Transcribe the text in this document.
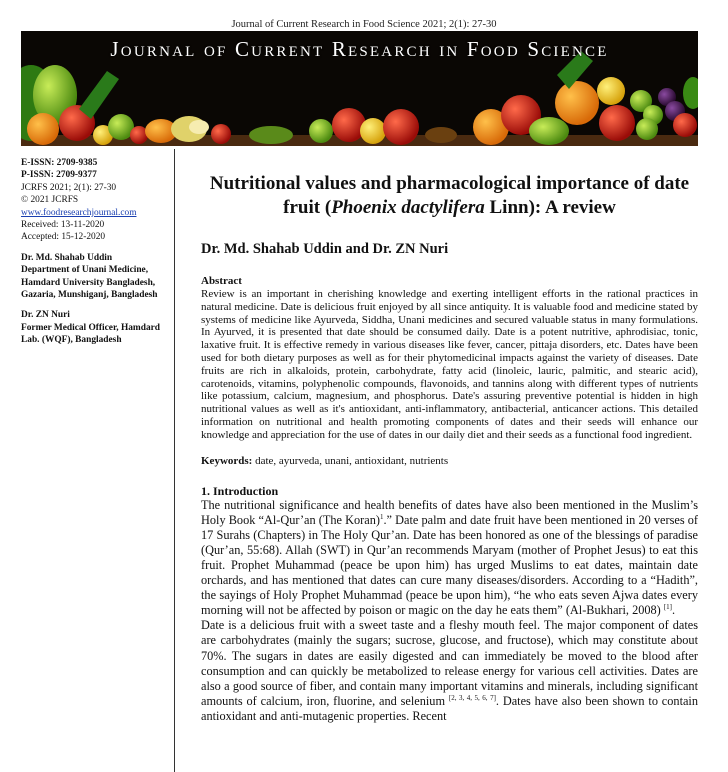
Journal of Current Research in Food Science 2021; 2(1): 27-30
Journal of Current Research in Food Science
E-ISSN: 2709-9385
P-ISSN: 2709-9377
JCRFS 2021; 2(1): 27-30
© 2021 JCRFS
www.foodresearchjournal.com
Received: 13-11-2020
Accepted: 15-12-2020
Dr. Md. Shahab Uddin
Department of Unani Medicine, Hamdard University Bangladesh, Gazaria, Munshiganj, Bangladesh
Dr. ZN Nuri
Former Medical Officer, Hamdard Lab. (WQF), Bangladesh
Nutritional values and pharmacological importance of date fruit (Phoenix dactylifera Linn): A review
Dr. Md. Shahab Uddin and Dr. ZN Nuri
Abstract

Review is an important in cherishing knowledge and exerting intelligent efforts in the rational practices in natural medicine. Date is delicious fruit enjoyed by all since antiquity. It is valuable food and medicine stated by systems of medicine like Ayurveda, Siddha, Unani medicines and secured valuable status in many formulations. In Ayurved, it is presented that date should be consumed daily. Date is a potent nutritive, aphrodisiac, tonic, laxative fruit. It is effective remedy in various diseases like fever, cancer, pittaja disorders, etc. Dates have been used for both dietary purposes as well as for their phytomedicinal impacts against the variety of diseases. Date fruits are rich in alkaloids, protein, carbohydrate, fatty acid (linoleic, lauric, palmitic, and stearic acid), carotenoids, vitamins, polyphenolic compounds, flavonoids, and tannins along with different types of nutrients like potassium, calcium, magnesium, and phosphorus. Date's assuring preventive potential is hidden in high nutritional values as well as it's antioxidant, anti-inflammatory, antibacterial, anticancer actions. This detailed information on nutritional and health promoting components of dates and their seeds will enhance our knowledge and appreciation for the use of dates in our daily diet and their seeds as a functional food ingredient.

Keywords: date, ayurveda, unani, antioxidant, nutrients
1. Introduction

The nutritional significance and health benefits of dates have also been mentioned in the Muslim’s Holy Book “Al-Qur’an (The Koran)$^1$.” Date palm and date fruit have been mentioned in 20 verses of 17 Surahs (Chapters) in The Holy Qur’an. Date has been honored as one of the blessings of paradise (Qur’an, 55:68). Allah (SWT) in Qur’an recommends Maryam (mother of Prophet Jesus) to eat this fruit. Prophet Muhammad (peace be upon him) has urged Muslims to eat dates, maintain date orchards, and has mentioned that dates can cure many diseases/disorders. According to a “Hadith”, the sayings of Holy Prophet Muhammad (peace be upon him), “he who eats seven Ajwa dates every morning will not be affected by poison or magic on the day he eats them” (Al-Bukhari, 2008) [1].

Date is a delicious fruit with a sweet taste and a fleshy mouth feel. The major component of dates are carbohydrates (mainly the sugars; sucrose, glucose, and fructose), which may constitute about 70%. The sugars in dates are easily digested and can immediately be moved to the blood after consumption and can quickly be metabolized to release energy for various cell activities. Dates are also a good source of fiber, and contain many important vitamins and minerals, including significant amounts of calcium, iron, fluorine, and selenium [2, 3, 4, 5, 6, 7]. Dates have also been shown to contain antioxidant and anti-mutagenic properties. Recent
